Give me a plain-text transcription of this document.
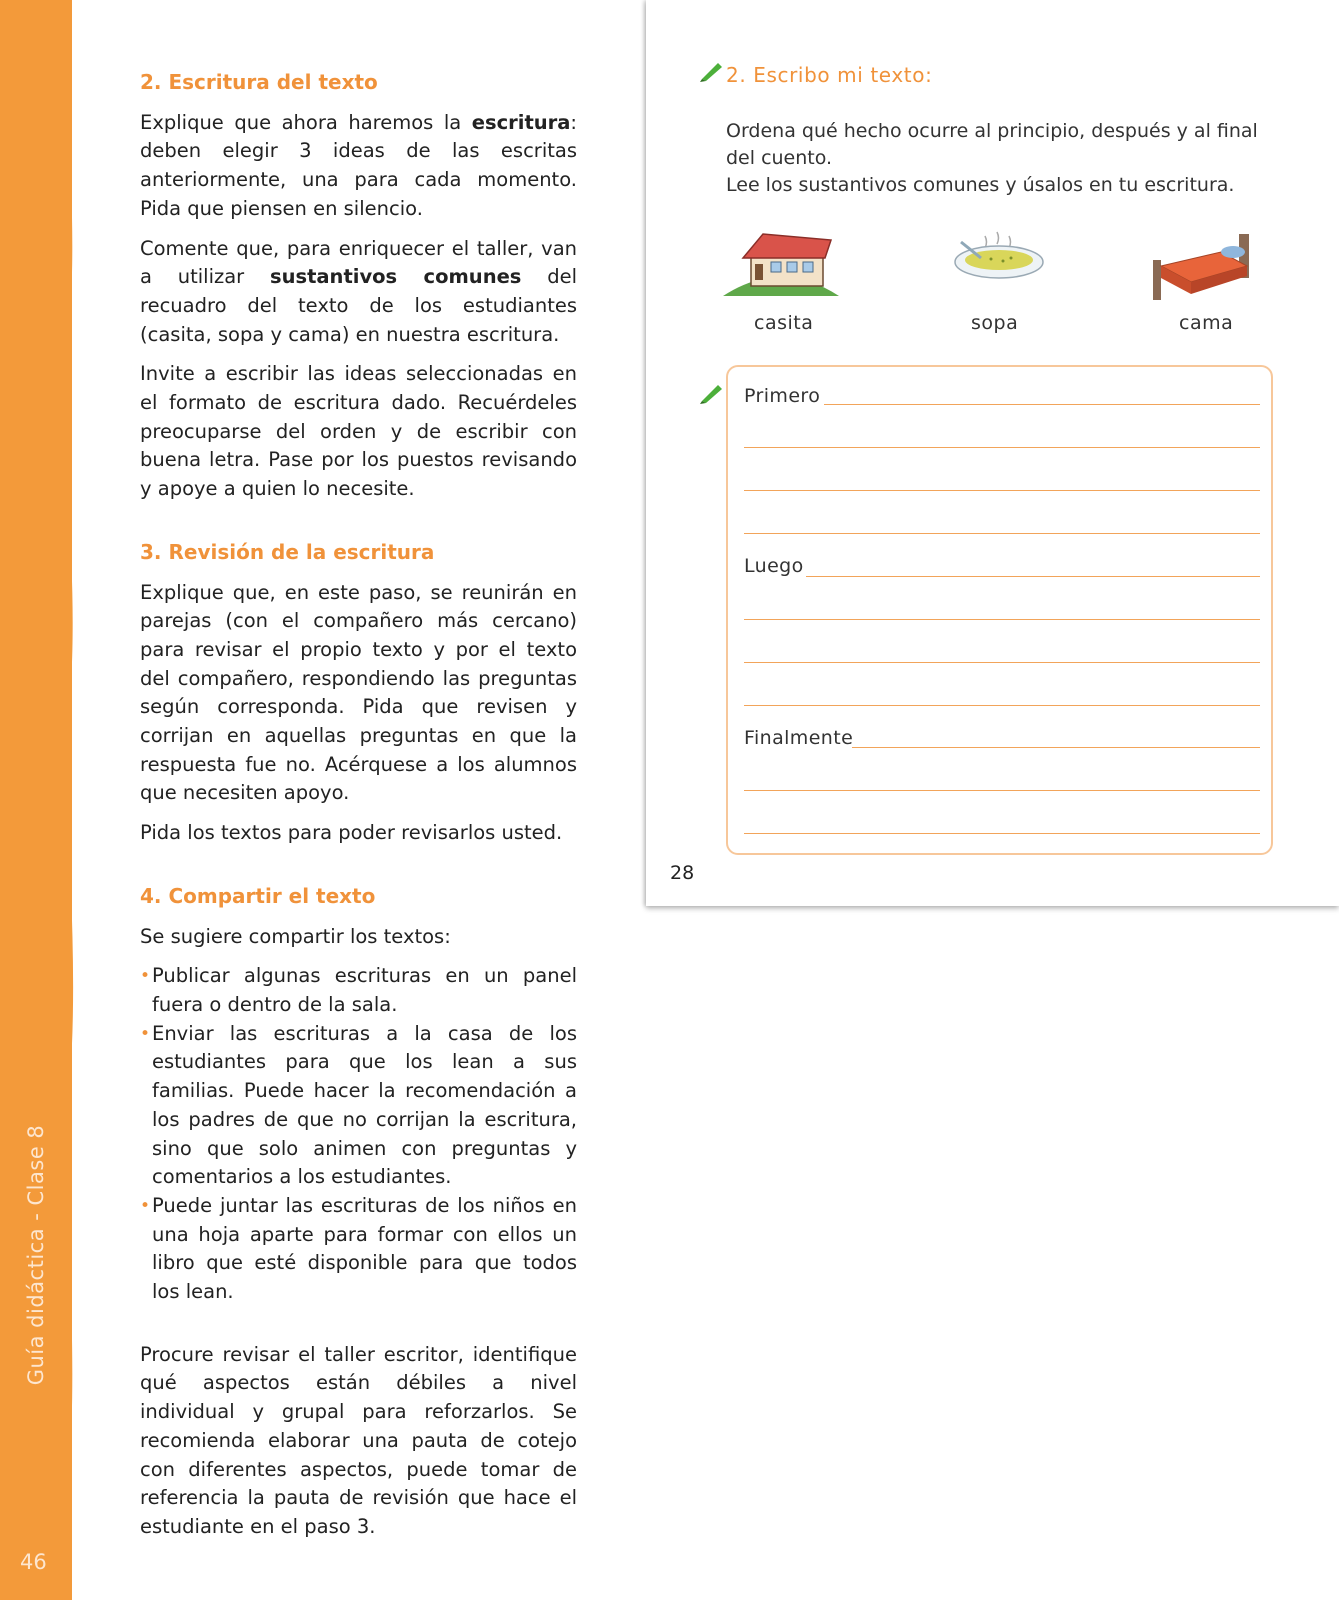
Guía didáctica - Clase 8
46
2. Escritura del texto

Explique que ahora haremos la escritura: deben elegir 3 ideas de las escritas anteriormente, una para cada momento. Pida que piensen en silencio.

Comente que, para enriquecer el taller, van a utilizar sustantivos comunes del recuadro del texto de los estudiantes (casita, sopa y cama) en nuestra escritura.

Invite a escribir las ideas seleccionadas en el formato de escritura dado. Recuérdeles preocuparse del orden y de escribir con buena letra. Pase por los puestos revisando y apoye a quien lo necesite.

3. Revisión de la escritura

Explique que, en este paso, se reunirán en parejas (con el compañero más cercano) para revisar el propio texto y por el texto del compañero, respondiendo las preguntas según corresponda. Pida que revisen y corrijan en aquellas preguntas en que la respuesta fue no. Acérquese a los alumnos que necesiten apoyo.

Pida los textos para poder revisarlos usted.

4. Compartir el texto

Se sugiere compartir los textos:

• Publicar algunas escrituras en un panel fuera o dentro de la sala.
• Enviar las escrituras a la casa de los estudiantes para que los lean a sus familias. Puede hacer la recomendación a los padres de que no corrijan la escritura, sino que solo animen con preguntas y comentarios a los estudiantes.
• Puede juntar las escrituras de los niños en una hoja aparte para formar con ellos un libro que esté disponible para que todos los lean.

Procure revisar el taller escritor, identifique qué aspectos están débiles a nivel individual y grupal para reforzarlos. Se recomienda elaborar una pauta de cotejo con diferentes aspectos, puede tomar de referencia la pauta de revisión que hace el estudiante en el paso 3.

2. Escribo mi texto:

Ordena qué hecho ocurre al principio, después y al final del cuento.

Lee los sustantivos comunes y úsalos en tu escritura.

casita	sopa	cama
Primero
Luego
Finalmente
28
